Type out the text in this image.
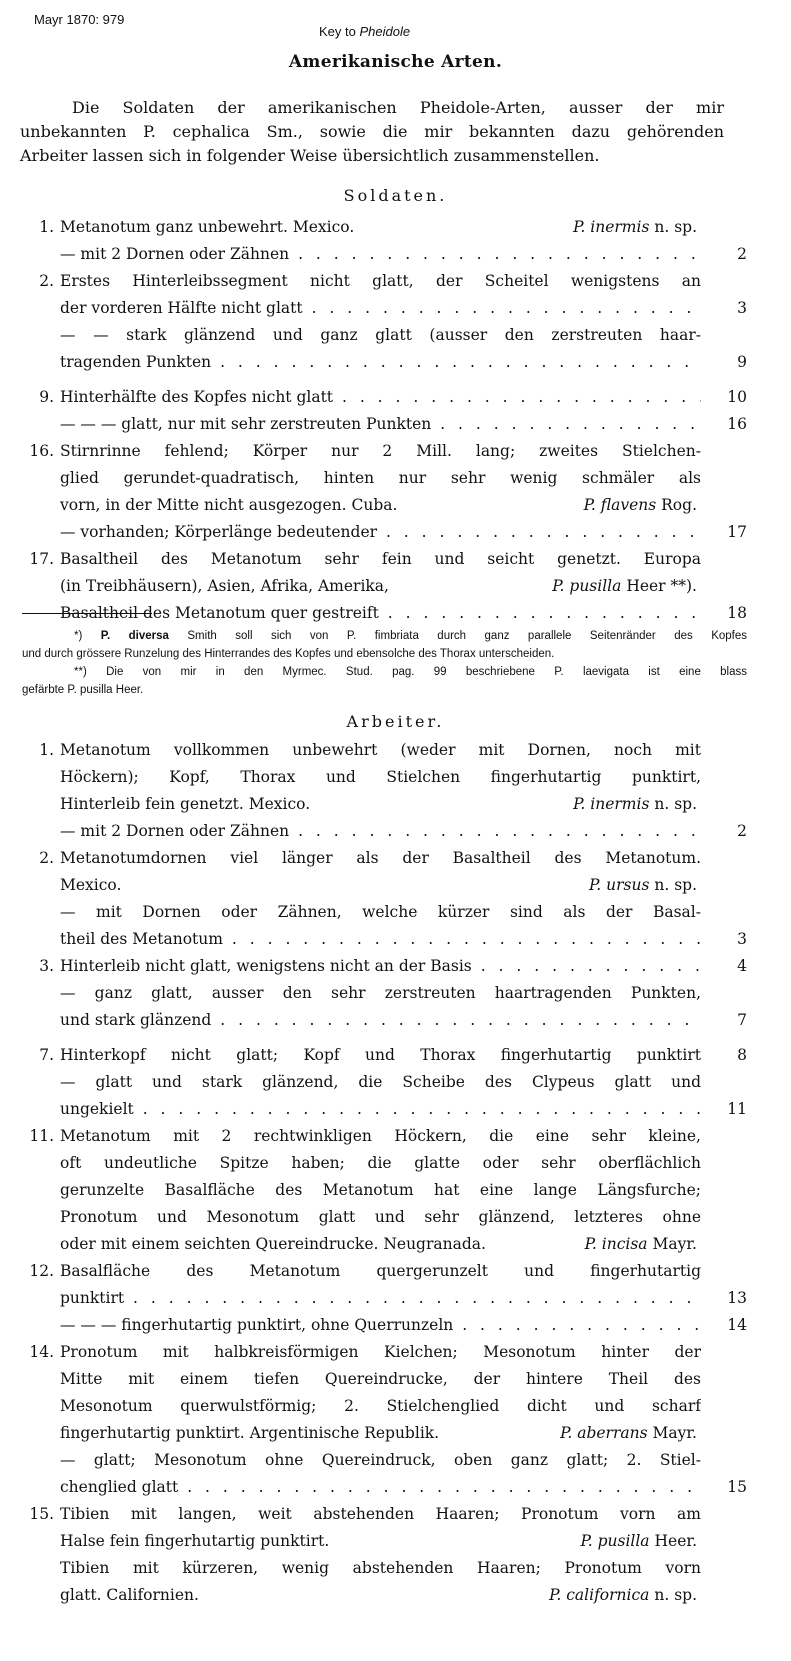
Mayr 1870: 979
Key to Pheidole
Amerikanische Arten.
Die Soldaten der amerikanischen Pheidole-Arten, ausser der mir
unbekannten P. cephalica Sm., sowie die mir bekannten dazu gehörenden
Arbeiter lassen sich in folgender Weise übersichtlich zusammenstellen.
Soldaten.
1. Metanotum ganz unbewehrt. Mexico.	P. inermis n. sp.
— mit 2 Dornen oder Zähnen . . .	2
2. Erstes Hinterleibssegment nicht glatt, der Scheitel wenigstens an
der vorderen Hälfte nicht glatt . . .	3
— — stark glänzend und ganz glatt (ausser den zerstreuten haar-
tragenden Punkten . . .	9
9. Hinterhälfte des Kopfes nicht glatt . . .	10
— — — glatt, nur mit sehr zerstreuten Punkten . . .	16
16. Stirnrinne fehlend; Körper nur 2 Mill. lang; zweites Stielchen-
glied gerundet-quadratisch, hinten nur sehr wenig schmäler als
vorn, in der Mitte nicht ausgezogen. Cuba.	P. flavens Rog.
— vorhanden; Körperlänge bedeutender . . .	17
17. Basaltheil des Metanotum sehr fein und seicht genetzt. Europa
(in Treibhäusern), Asien, Afrika, Amerika,	P. pusilla Heer **).
Basaltheil des Metanotum quer gestreift . . .	18
*) P. diversa Smith soll sich von P. fimbriata durch ganz parallele Seitenränder des Kopfes
und durch grössere Runzelung des Hinterrandes des Kopfes und ebensolche des Thorax unterscheiden.
**) Die von mir in den Myrmec. Stud. pag. 99 beschriebene P. laevigata ist eine blass
gefärbte P. pusilla Heer.
Arbeiter.
1. Metanotum vollkommen unbewehrt (weder mit Dornen, noch mit
Höckern); Kopf, Thorax und Stielchen fingerhutartig punktirt,
Hinterleib fein genetzt. Mexico.	P. inermis n. sp.
— mit 2 Dornen oder Zähnen . . .	2
2. Metanotumdornen viel länger als der Basaltheil des Metanotum.
Mexico.	P. ursus n. sp.
— mit Dornen oder Zähnen, welche kürzer sind als der Basal-
theil des Metanotum . . .	3
3. Hinterleib nicht glatt, wenigstens nicht an der Basis . . .	4
— ganz glatt, ausser den sehr zerstreuten haartragenden Punkten,
und stark glänzend . . .	7
7. Hinterkopf nicht glatt; Kopf und Thorax fingerhutartig punktirt	8
— glatt und stark glänzend, die Scheibe des Clypeus glatt und
ungekielt . . .	11
11. Metanotum mit 2 rechtwinkligen Höckern, die eine sehr kleine,
oft undeutliche Spitze haben; die glatte oder sehr oberflächlich
gerunzelte Basalfläche des Metanotum hat eine lange Längsfurche;
Pronotum und Mesonotum glatt und sehr glänzend, letzteres ohne
oder mit einem seichten Quereindrucke. Neugranada.	P. incisa Mayr.
12. Basalfläche des Metanotum quergerunzelt und fingerhutartig
punktirt . . .	13
— — — fingerhutartig punktirt, ohne Querrunzeln . . .	14
14. Pronotum mit halbkreisförmigen Kielchen; Mesonotum hinter der
Mitte mit einem tiefen Quereindrucke, der hintere Theil des
Mesonotum querwulstförmig; 2. Stielchenglied dicht und scharf
fingerhutartig punktirt. Argentinische Republik.	P. aberrans Mayr.
— glatt; Mesonotum ohne Quereindruck, oben ganz glatt; 2. Stiel-
chenglied glatt . . .	15
15. Tibien mit langen, weit abstehenden Haaren; Pronotum vorn am
Halse fein fingerhutartig punktirt.	P. pusilla Heer.
Tibien mit kürzeren, wenig abstehenden Haaren; Pronotum vorn
glatt. Californien.	P. californica n. sp.
